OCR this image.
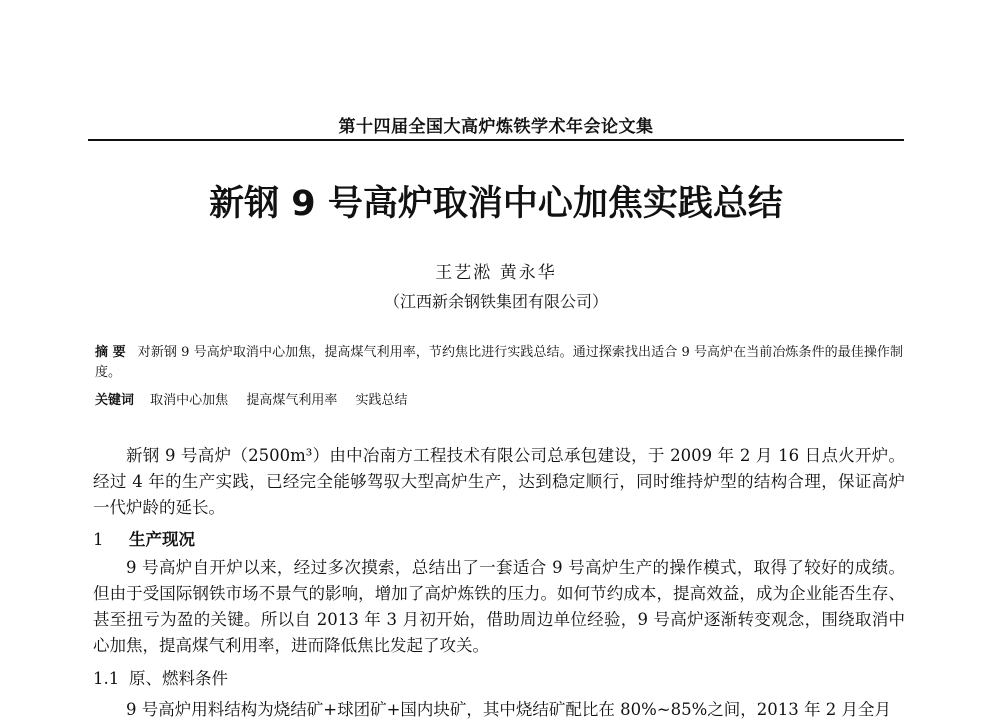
第十四届全国大高炉炼铁学术年会论文集
新钢 9 号高炉取消中心加焦实践总结
王艺淞 黄永华
（江西新余钢铁集团有限公司）
摘 要 对新钢 9 号高炉取消中心加焦，提高煤气利用率，节约焦比进行实践总结。通过探索找出适合 9 号高炉在当前冶炼条件的最佳操作制度。
关键词 取消中心加焦 提高煤气利用率 实践总结

新钢 9 号高炉（2500m³）由中冶南方工程技术有限公司总承包建设，于 2009 年 2 月 16 日点火开炉。经过 4 年的生产实践，已经完全能够驾驭大型高炉生产，达到稳定顺行，同时维持炉型的结构合理，保证高炉一代炉龄的延长。

1 生产现况

9 号高炉自开炉以来，经过多次摸索，总结出了一套适合 9 号高炉生产的操作模式，取得了较好的成绩。但由于受国际钢铁市场不景气的影响，增加了高炉炼铁的压力。如何节约成本，提高效益，成为企业能否生存、甚至扭亏为盈的关键。所以自 2013 年 3 月初开始，借助周边单位经验，9 号高炉逐渐转变观念，围绕取消中心加焦，提高煤气利用率，进而降低焦比发起了攻关。

1.1 原、燃料条件

9 号高炉用料结构为烧结矿+球团矿+国内块矿，其中烧结矿配比在 80%~85%之间，2013 年 2 月全月
